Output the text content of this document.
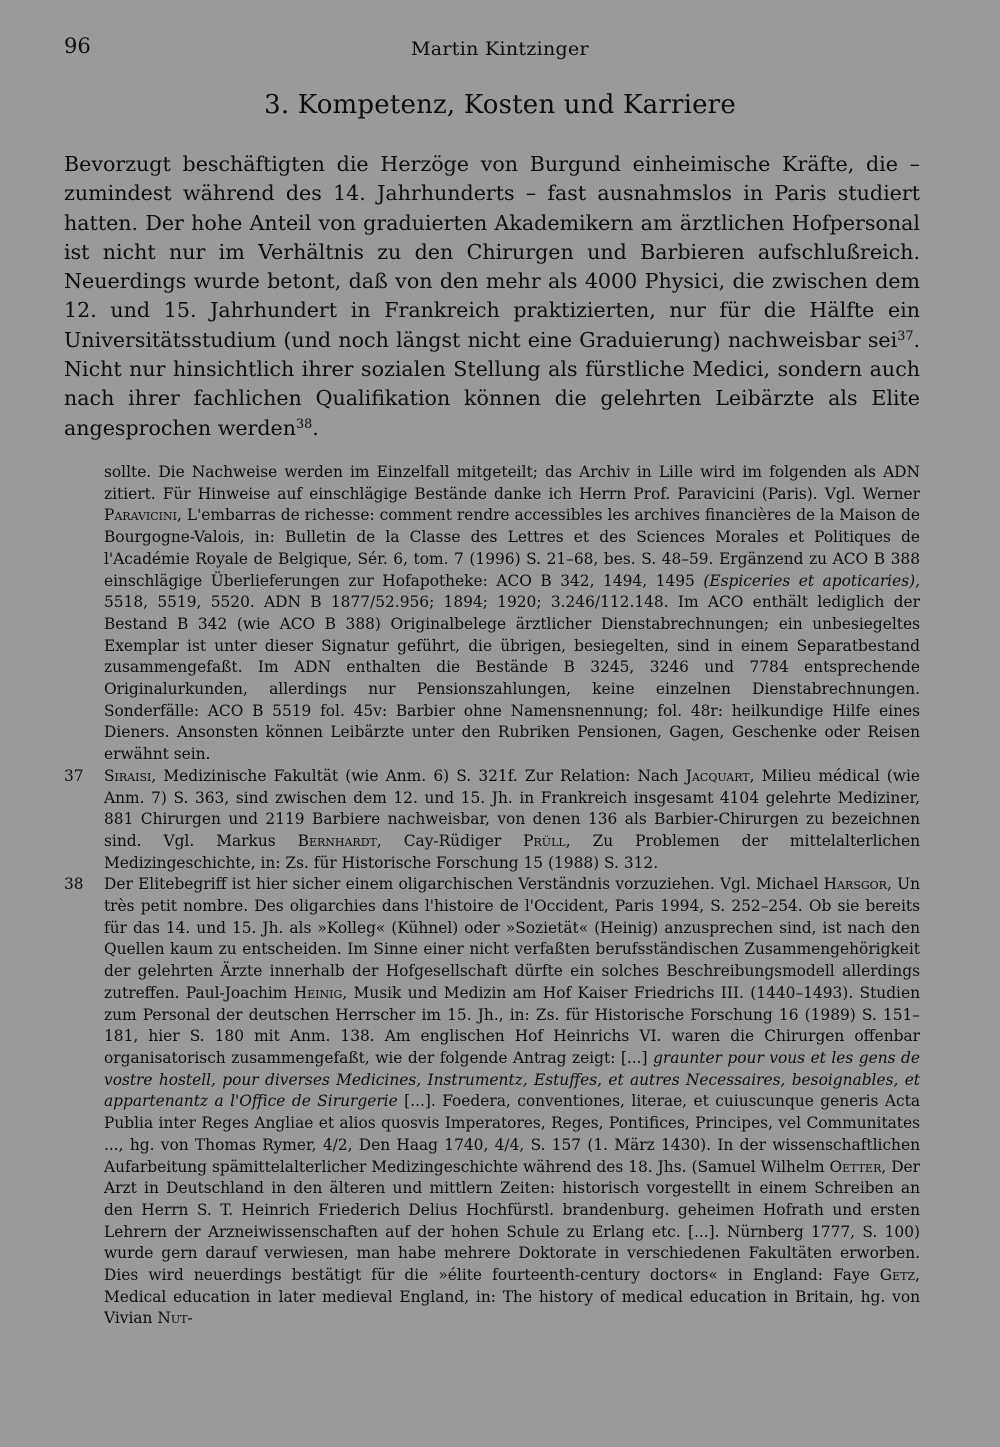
96	Martin Kintzinger
3. Kompetenz, Kosten und Karriere

Bevorzugt beschäftigten die Herzöge von Burgund einheimische Kräfte, die – zumindest während des 14. Jahrhunderts – fast ausnahmslos in Paris studiert hatten. Der hohe Anteil von graduierten Akademikern am ärztlichen Hofpersonal ist nicht nur im Verhältnis zu den Chirurgen und Barbieren aufschlußreich. Neuerdings wurde betont, daß von den mehr als 4000 Physici, die zwischen dem 12. und 15. Jahrhundert in Frankreich praktizierten, nur für die Hälfte ein Universitätsstudium (und noch längst nicht eine Graduierung) nachweisbar sei$^{37}$. Nicht nur hinsichtlich ihrer sozialen Stellung als fürstliche Medici, sondern auch nach ihrer fachlichen Qualifikation können die gelehrten Leibärzte als Elite angesprochen werden$^{38}$.

sollte. Die Nachweise werden im Einzelfall mitgeteilt; das Archiv in Lille wird im folgenden als ADN zitiert. Für Hinweise auf einschlägige Bestände danke ich Herrn Prof. Paravicini (Paris). Vgl. Werner Paravicini, L'embarras de richesse: comment rendre accessibles les archives financières de la Maison de Bourgogne-Valois, in: Bulletin de la Classe des Lettres et des Sciences Morales et Politiques de l'Académie Royale de Belgique, Sér. 6, tom. 7 (1996) S. 21–68, bes. S. 48–59. Ergänzend zu ACO B 388 einschlägige Überlieferungen zur Hofapotheke: ACO B 342, 1494, 1495 (Espiceries et apoticaries), 5518, 5519, 5520. ADN B 1877/52.956; 1894; 1920; 3.246/112.148. Im ACO enthält lediglich der Bestand B 342 (wie ACO B 388) Originalbelege ärztlicher Dienstabrechnungen; ein unbesiegeltes Exemplar ist unter dieser Signatur geführt, die übrigen, besiegelten, sind in einem Separatbestand zusammengefaßt. Im ADN enthalten die Bestände B 3245, 3246 und 7784 entsprechende Originalurkunden, allerdings nur Pensionszahlungen, keine einzelnen Dienstabrechnungen. Sonderfälle: ACO B 5519 fol. 45v: Barbier ohne Namensnennung; fol. 48r: heilkundige Hilfe eines Dieners. Ansonsten können Leibärzte unter den Rubriken Pensionen, Gagen, Geschenke oder Reisen erwähnt sein.
37 Siraisi, Medizinische Fakultät (wie Anm. 6) S. 321f. Zur Relation: Nach Jacquart, Milieu médical (wie Anm. 7) S. 363, sind zwischen dem 12. und 15. Jh. in Frankreich insgesamt 4104 gelehrte Mediziner, 881 Chirurgen und 2119 Barbiere nachweisbar, von denen 136 als Barbier-Chirurgen zu bezeichnen sind. Vgl. Markus Bernhardt, Cay-Rüdiger Prüll, Zu Problemen der mittelalterlichen Medizingeschichte, in: Zs. für Historische Forschung 15 (1988) S. 312.
38 Der Elitebegriff ist hier sicher einem oligarchischen Verständnis vorzuziehen. Vgl. Michael Harsgor, Un très petit nombre. Des oligarchies dans l'histoire de l'Occident, Paris 1994, S. 252–254. Ob sie bereits für das 14. und 15. Jh. als »Kolleg« (Kühnel) oder »Sozietät« (Heinig) anzusprechen sind, ist nach den Quellen kaum zu entscheiden. Im Sinne einer nicht verfaßten berufsständischen Zusammengehörigkeit der gelehrten Ärzte innerhalb der Hofgesellschaft dürfte ein solches Beschreibungsmodell allerdings zutreffen. Paul-Joachim Heinig, Musik und Medizin am Hof Kaiser Friedrichs III. (1440–1493). Studien zum Personal der deutschen Herrscher im 15. Jh., in: Zs. für Historische Forschung 16 (1989) S. 151–181, hier S. 180 mit Anm. 138. Am englischen Hof Heinrichs VI. waren die Chirurgen offenbar organisatorisch zusammengefaßt, wie der folgende Antrag zeigt: [...] graunter pour vous et les gens de vostre hostell, pour diverses Medicines, Instrumentz, Estuffes, et autres Necessaires, besoignables, et appartenantz a l'Office de Sirurgerie [...]. Foedera, conventiones, literae, et cuiuscunque generis Acta Publia inter Reges Angliae et alios quosvis Imperatores, Reges, Pontifices, Principes, vel Communitates ..., hg. von Thomas Rymer, 4/2, Den Haag 1740, 4/4, S. 157 (1. März 1430). In der wissenschaftlichen Aufarbeitung spämittelalterlicher Medizingeschichte während des 18. Jhs. (Samuel Wilhelm Oetter, Der Arzt in Deutschland in den älteren und mittlern Zeiten: historisch vorgestellt in einem Schreiben an den Herrn S. T. Heinrich Friederich Delius Hochfürstl. brandenburg. geheimen Hofrath und ersten Lehrern der Arzneiwissenschaften auf der hohen Schule zu Erlang etc. [...]. Nürnberg 1777, S. 100) wurde gern darauf verwiesen, man habe mehrere Doktorate in verschiedenen Fakultäten erworben. Dies wird neuerdings bestätigt für die »élite fourteenth-century doctors« in England: Faye Getz, Medical education in later medieval England, in: The history of medical education in Britain, hg. von Vivian Nut-
